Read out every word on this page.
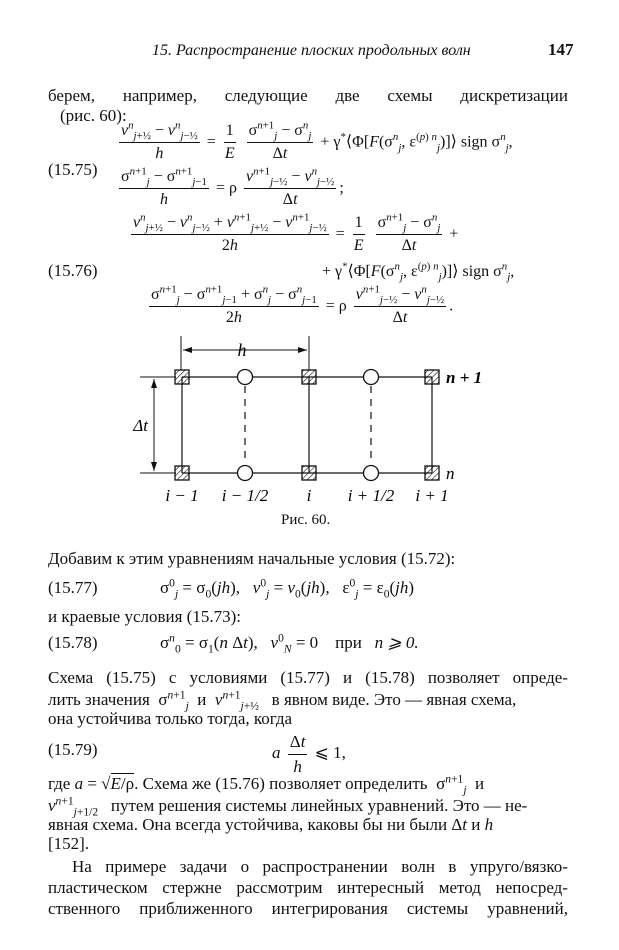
15. Распространение плоских продольных волн	147
берем, например, следующие две схемы дискретизации
(рис. 60):
$\frac{v^n_{j+\frac{1}{2}} - v^n_{j-\frac{1}{2}}}{h} = \frac{1}{E}$
$\frac{\sigma^{n+1}_j - \sigma^n_j}{\Delta t}$ + $\gamma^*⟨\Phi[F(\sigma^n_j$, $\varepsilon^{(p) n}_j)]⟩$ sign $\sigma^n_j$,
$(15.75) \frac{\sigma^{n+1}_j - \sigma^{n+1}_{j-1}}{h} = \rho \frac{v^{n+1}_{j-\frac{1}{2}} - v^n_{j-\frac{1}{2}}}{\Delta t}$ ;
$\frac{v^n_{j+\frac{1}{2}} - v^n_{j-\frac{1}{2}} + v^{n+1}_{j+\frac{1}{2}} - v^{n+1}_{j-\frac{1}{2}}}{2h} = \frac{1}{E}$
$\frac{\sigma^{n+1}_j - \sigma^n_j}{\Delta t}$ +
(15.76)	+ $\gamma^*⟨\Phi[F(\sigma^n_j$, $\varepsilon^{(p) n}_j)]⟩$ sign $\sigma^n_j$,
$\frac{\sigma^{n+1}_j - \sigma^{n+1}_{j-1} + \sigma^n_j - \sigma^n_{j-1}}{2h} = \rho \frac{v^{n+1}_{j-\frac{1}{2}} - v^n_{j-\frac{1}{2}}}{\Delta t}$ .
h
Δt
n + 1
n
i − 1 i − 1/2 i i + 1/2 i + 1
Рис. 60.
Добавим к этим уравнениям начальные условия (15.72):
(15.77)	$\sigma^0_j = \sigma_0(jh)$,   $v^0_j = v_0(jh)$,   $\varepsilon^0_j = \varepsilon_0(jh)$
и краевые условия (15.73):
(15.78)	$\sigma^n_0 = \sigma_1(n$ Δt),   $v^0_N = 0$    при n ⩾ 0.
Схема (15.75) с условиями (15.77) и (15.78) позволяет опреде-
лить значения  $\sigma^{n+1}_j$ и $v^{n+1}_{j+\frac{1}{2}}$ в явном виде. Это — явная схема,
она устойчива только тогда, когда
(15.79)	a $\frac{\Delta t}{h}$ ⩽ 1,
где a = √E/ρ. Схема же (15.76) позволяет определить  $\sigma^{n+1}_j$ и
$v^{n+1}_{j+1/2}$ путем решения системы линейных уравнений. Это — не-
явная схема. Она всегда устойчива, каковы бы ни были Δt и h
[152].
На примере задачи о распространении волн в упруго/вязко-
пластическом стержне рассмотрим интересный метод непосред-
ственного приближенного интегрирования системы уравнений,
a Δt/h ⩽ 1, a = √(E/ρ)
